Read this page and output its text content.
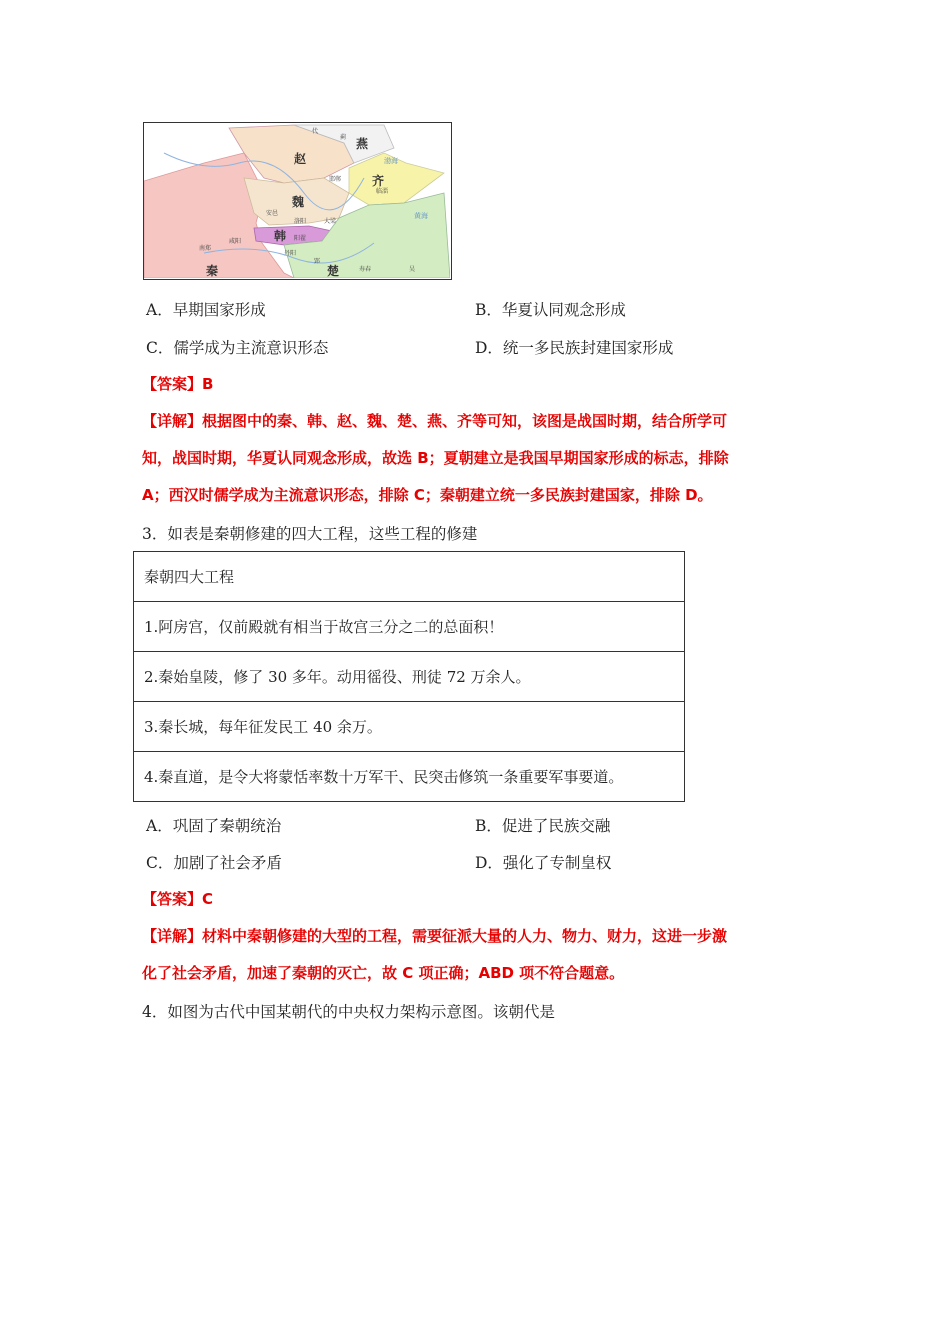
赵
燕
齐
魏
韩
秦	楚
黄海
渤海
代
蓟
邯郸
临淄
大梁
安邑
洛阳
咸阳
南郑
阳翟
丹阳
郢
寿春	吴
A．早期国家形成	B．华夏认同观念形成
C．儒学成为主流意识形态	D．统一多民族封建国家形成
【答案】B
【详解】根据图中的秦、韩、赵、魏、楚、燕、齐等可知，该图是战国时期，结合所学可
知，战国时期，华夏认同观念形成，故选 B；夏朝建立是我国早期国家形成的标志，排除
A；西汉时儒学成为主流意识形态，排除 C；秦朝建立统一多民族封建国家，排除 D。
3．如表是秦朝修建的四大工程，这些工程的修建
秦朝四大工程
1.阿房宫，仅前殿就有相当于故宫三分之二的总面积！
2.秦始皇陵，修了 30 多年。动用徭役、刑徒 72 万余人。
3.秦长城，每年征发民工 40 余万。
4.秦直道，是令大将蒙恬率数十万军干、民突击修筑一条重要军事要道。
A．巩固了秦朝统治	B．促进了民族交融
C．加剧了社会矛盾	D．强化了专制皇权
【答案】C
【详解】材料中秦朝修建的大型的工程，需要征派大量的人力、物力、财力，这进一步激
化了社会矛盾，加速了秦朝的灭亡，故 C 项正确；ABD 项不符合题意。
4．如图为古代中国某朝代的中央权力架构示意图。该朝代是
